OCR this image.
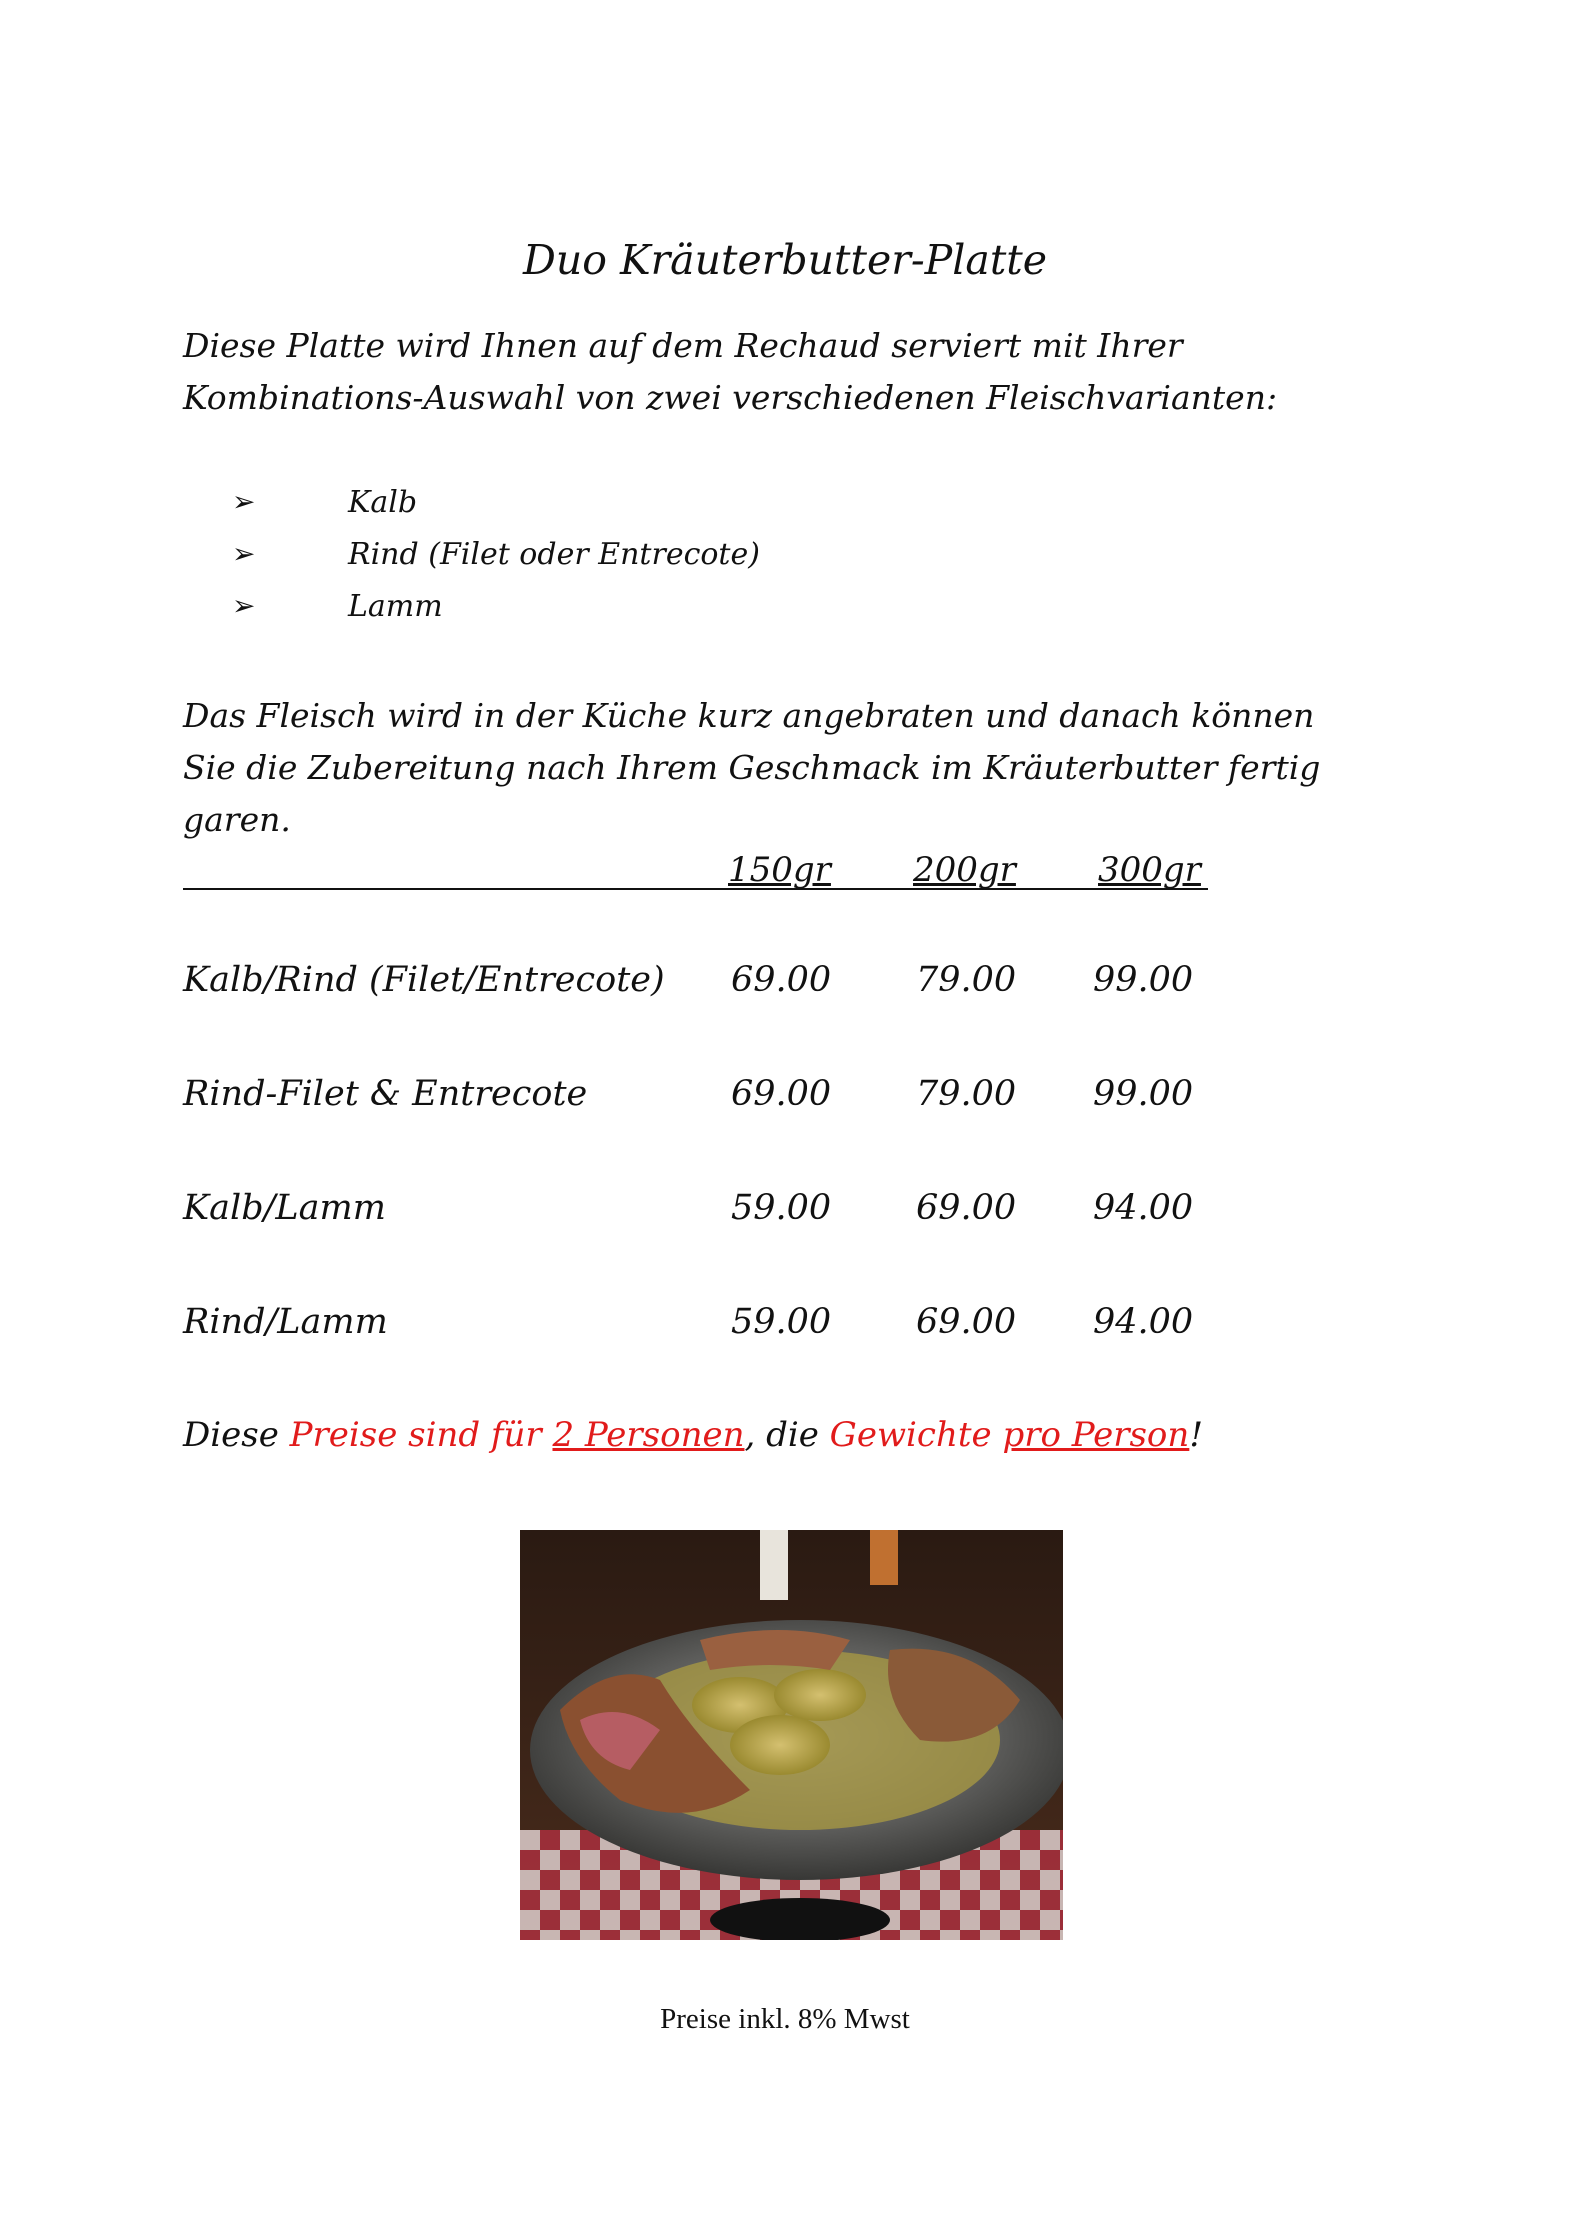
Duo Kräuterbutter-Platte
Diese Platte wird Ihnen auf dem Rechaud serviert mit Ihrer
Kombinations-Auswahl von zwei verschiedenen Fleischvarianten:
➢	Kalb
➢	Rind (Filet oder Entrecote)
➢	Lamm
Das Fleisch wird in der Küche kurz angebraten und danach können
Sie die Zubereitung nach Ihrem Geschmack im Kräuterbutter fertig
garen.
150gr 200gr 300gr
Kalb/Rind (Filet/Entrecote) 69.00 79.00 99.00
Rind-Filet & Entrecote	69.00 79.00 99.00
Kalb/Lamm	59.00 69.00 94.00
Rind/Lamm	59.00 69.00 94.00
Diese Preise sind für 2 Personen, die Gewichte pro Person!
Preise inkl. 8% Mwst
